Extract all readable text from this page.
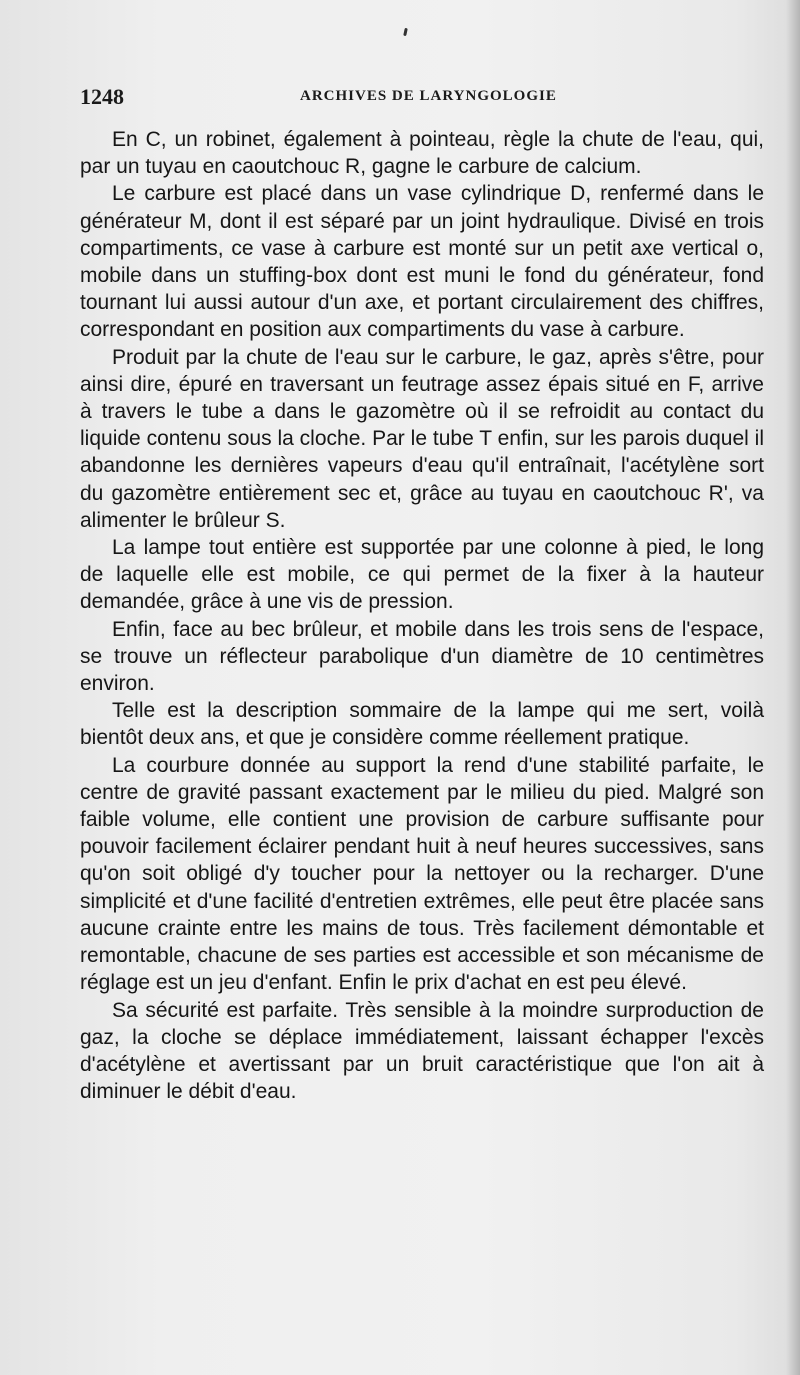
1248	ARCHIVES DE LARYNGOLOGIE

En C, un robinet, également à pointeau, règle la chute de l'eau, qui, par un tuyau en caoutchouc R, gagne le carbure de calcium.

Le carbure est placé dans un vase cylindrique D, renfermé dans le générateur M, dont il est séparé par un joint hydraulique. Divisé en trois compartiments, ce vase à carbure est monté sur un petit axe vertical o, mobile dans un stuffing-box dont est muni le fond du générateur, fond tournant lui aussi autour d'un axe, et portant circulairement des chiffres, correspondant en position aux compartiments du vase à carbure.

Produit par la chute de l'eau sur le carbure, le gaz, après s'être, pour ainsi dire, épuré en traversant un feutrage assez épais situé en F, arrive à travers le tube a dans le gazomètre où il se refroidit au contact du liquide contenu sous la cloche. Par le tube T enfin, sur les parois duquel il abandonne les dernières vapeurs d'eau qu'il entraînait, l'acétylène sort du gazomètre entièrement sec et, grâce au tuyau en caoutchouc R', va alimenter le brûleur S.

La lampe tout entière est supportée par une colonne à pied, le long de laquelle elle est mobile, ce qui permet de la fixer à la hauteur demandée, grâce à une vis de pression.

Enfin, face au bec brûleur, et mobile dans les trois sens de l'espace, se trouve un réflecteur parabolique d'un diamètre de 10 centimètres environ.

Telle est la description sommaire de la lampe qui me sert, voilà bientôt deux ans, et que je considère comme réellement pratique.

La courbure donnée au support la rend d'une stabilité parfaite, le centre de gravité passant exactement par le milieu du pied. Malgré son faible volume, elle contient une provision de carbure suffisante pour pouvoir facilement éclairer pendant huit à neuf heures successives, sans qu'on soit obligé d'y toucher pour la nettoyer ou la recharger. D'une simplicité et d'une facilité d'entretien extrêmes, elle peut être placée sans aucune crainte entre les mains de tous. Très facilement démontable et remontable, chacune de ses parties est accessible et son mécanisme de réglage est un jeu d'enfant. Enfin le prix d'achat en est peu élevé.

Sa sécurité est parfaite. Très sensible à la moindre surproduction de gaz, la cloche se déplace immédiatement, laissant échapper l'excès d'acétylène et avertissant par un bruit caractéristique que l'on ait à diminuer le débit d'eau.
